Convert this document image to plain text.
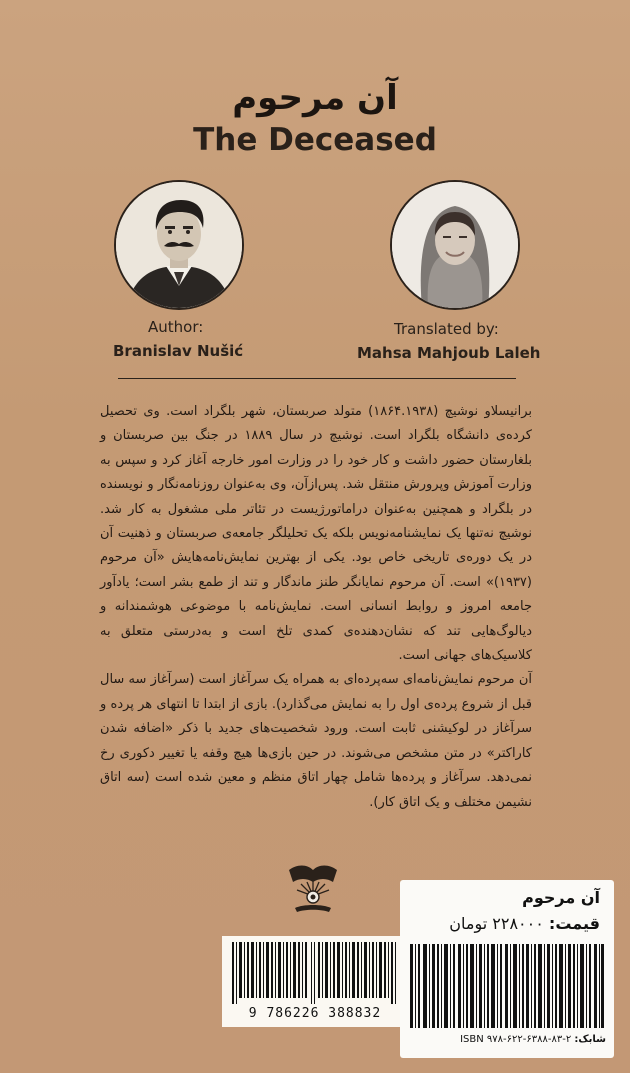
آن مرحوم
The Deceased
Author:
Branislav Nušić
Translated by:
Mahsa Mahjoub Laleh

برانیسلاو نوشیچ (۱۸۶۴.۱۹۳۸) متولد صربستان، شهر بلگراد است. وی تحصیل کرده‌ی دانشگاه بلگراد است. نوشیچ در سال ۱۸۸۹ در جنگ بین صربستان و بلغارستان حضور داشت و کار خود را در وزارت امور خارجه آغاز کرد و سپس به وزارت آموزش وپرورش منتقل شد. پس‌ازآن، وی به‌عنوان روزنامه‌نگار و نویسنده در بلگراد و همچنین به‌عنوان دراماتورژیست در تئاتر ملی مشغول به کار شد. نوشیچ نه‌تنها یک نمایشنامه‌نویس بلکه یک تحلیلگر جامعه‌ی صربستان و ذهنیت آن در یک دوره‌ی تاریخی خاص بود. یکی از بهترین نمایش‌نامه‌هایش «آن مرحوم (۱۹۳۷)» است. آن مرحوم نمایانگر طنز ماندگار و تند از طمع بشر است؛ یادآور جامعه امروز و روابط انسانی است. نمایش‌نامه با موضوعی هوشمندانه و دیالوگ‌هایی تند که نشان‌دهنده‌ی کمدی تلخ است و به‌درستی متعلق به کلاسیک‌های جهانی است.

آن مرحوم نمایش‌نامه‌ای سه‌پرده‌ای به همراه یک سرآغاز است (سرآغاز سه سال قبل از شروع پرده‌ی اول را به نمایش می‌گذارد). بازی از ابتدا تا انتهای هر پرده و سرآغاز در لوکیشنی ثابت است. ورود شخصیت‌های جدید با ذکر «اضافه شدن کاراکتر» در متن مشخص می‌شوند. در حین بازی‌ها هیچ وقفه یا تغییر دکوری رخ نمی‌دهد. سرآغاز و پرده‌ها شامل چهار اتاق منظم و معین شده است (سه اتاق نشیمن مختلف و یک اتاق کار).

9 786226 388832
آن مرحوم
قیمت: ۲۲۸۰۰۰ تومان
شابک: ۲-۸۳-۶۳۸۸-۶۲۲-۹۷۸ ISBN
